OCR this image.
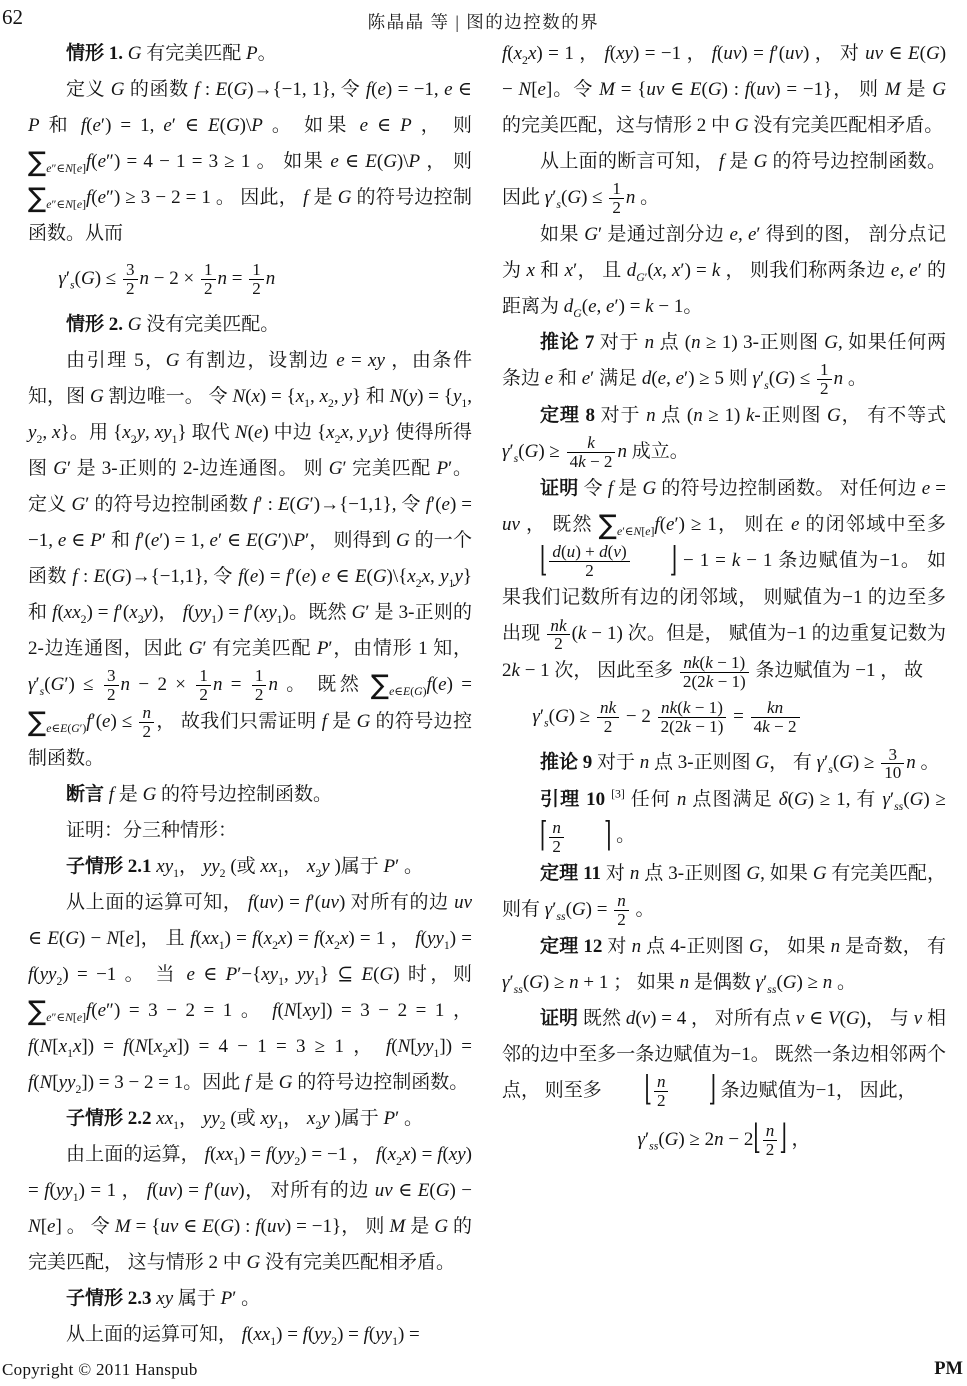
62	陈晶晶 等 | 图的边控数的界

情形 1. G 有完美匹配 P。

定义 G 的函数 f : E(G)→{−1, 1}, 令 f(e) = −1, e ∈ P 和 f(e′) = 1, e′ ∈ E(G)\P 。 如果 e ∈ P ， 则 $\sum_{e''\in N[e]}f(e'') = 4 - 1 = 3 \ge 1$ 。 如果 e ∈ E(G)\P ， 则 $\sum_{e''\in N[e]}f(e'') \ge 3 - 2 = 1$ 。 因此， f 是 G 的符号边控制函数。从而

$\gamma'_s(G) \le \frac{3}{2}$ $n - 2 \times \frac{1}{2}$ $n = \frac{1}{2}$ n

情形 2. G 没有完美匹配。

由引理 5，G 有割边，设割边 e = xy ，由条件知，图 G 割边唯一。 令 $N(x) = \{x_1$, $x_2$, y} 和 $N(y) = \{y_1$, $y_2$, x}。用 {$x_2y$, $xy_1$} 取代 N(e) 中边 {$x_2x$, $y_1y$} 使得所得图 G′ 是 3-正则的 2-边连通图。 则 G′ 完美匹配 P′。定义 G′ 的符号边控制函数 f′ : E(G′)→{−1,1}, 令 f′(e) = −1, e ∈ P′ 和 f′(e′) = 1, e′ ∈ E(G′)\P′， 则得到 G 的一个函数 f : E(G)→{−1,1}, 令 f(e) = f′(e) e ∈ $E(G)\backslash\{x_2x$, $y_1y$} 和 $f(xx_2) = f'(x_2y)$， $f(yy_1) = f'(xy_1)$。既然 G′ 是 3-正则的 2-边连通图，因此 G′ 有完美匹配 P′，由情形 1 知，$\gamma'_s(G') \le \frac{3}{2}$ $n - 2 \times \frac{1}{2}$ $n = \frac{1}{2}$ n 。 既然 $\sum_{e\in E(G)}f(e) = \sum_{e\in E(G')}f'(e) \le \frac{n}{2}$ ， 故我们只需证明 f 是 G 的符号边控制函数。

断言 f 是 G 的符号边控制函数。

证明：分三种情形：

子情形 2.1 $xy_1$， $yy_2$ (或 $xx_1$， $x_2y$ )属于 P′ 。

从上面的运算可知， f(uv) = f′(uv) 对所有的边 uv ∈ E(G) − N[e]， 且 $f(xx_1) = f(x_2x) = f(x_2x) = 1$ ， $f(yy_1) = f(yy_2) = -1$ 。 当 e ∈ $P'-\{xy_1$, $yy_1$} ⊆ E(G) 时，则 $\sum_{e''\in N[e]}f(e'') = 3 - 2 = 1$ 。 f(N[xy]) = 3 − 2 = 1 ， $f(N[x_1x]) = f(N[x_2x]) = 4 - 1 = 3 \ge 1$ ， $f(N[yy_1]) = f(N[yy_2]) = 3 - 2 = 1$。因此 f 是 G 的符号边控制函数。

子情形 2.2 $xx_1$， $yy_2$ (或 $xy_1$， $x_2y$ )属于 P′ 。

由上面的运算， $f(xx_1) = f(yy_2) = -1$ ， $f(x_2x) = f(xy) = f(yy_1) = 1$ ， f(uv) = f′(uv)， 对所有的边 uv ∈ E(G) − N[e] 。 令 M = {uv ∈ E(G) : f(uv) = −1}， 则 M 是 G 的完美匹配， 这与情形 2 中 G 没有完美匹配相矛盾。

子情形 2.3 xy 属于 P′ 。

从上面的运算可知， $f(xx_1) = f(yy_2) = f(yy_1)$ =

$f(x_2x) = 1$ ， f(xy) = −1 ， f(uv) = f′(uv) ， 对 uv ∈ E(G) − N[e]。令 M = {uv ∈ E(G) : f(uv) = −1}， 则 M 是 G 的完美匹配，这与情形 2 中 G 没有完美匹配相矛盾。

从上面的断言可知， f 是 G 的符号边控制函数。因此 $\gamma'_s(G) \le \frac{1}{2}$ n 。

如果 G′ 是通过剖分边 e, e′ 得到的图， 剖分点记为 x 和 x′， 且 $d_{G'}(x$, x′) = k ， 则我们称两条边 e, e′ 的距离为 $d_G(e$, e′) = k − 1。

推论 7 对于 n 点 (n ≥ 1) 3-正则图 G, 如果任何两条边 e 和 e′ 满足 d(e, e′) ≥ 5 则 $\gamma'_s(G) \le \frac{1}{2}$ n 。

定理 8 对于 n 点 (n ≥ 1) k-正则图 G， 有不等式 $\gamma'_s(G) \ge \frac{k}{4k - 2}$ n 成立。

证明 令 f 是 G 的符号边控制函数。 对任何边 e = uv ， 既然 $\sum_{e'\in N[e]}f(e') \ge 1$， 则在 e 的闭邻域中至多 ⌊ $\frac{d(u) + d(v)}{2}$ ⌋ − 1 = k − 1 条边赋值为−1。 如果我们记数所有边的闭邻域， 则赋值为−1 的边至多出现 $\frac{nk}{2} (k - 1)$ 次。但是， 赋值为−1 的边重复记数为 2k − 1 次， 因此至多 $\frac{nk(k - 1)}{2(2k - 1)}$ 条边赋值为 −1 ， 故

$\gamma'_s(G) \ge \frac{nk}{2} - 2 \frac{nk(k - 1)}{2(2k - 1)} = \frac{kn}{4k - 2}$

推论 9 对于 n 点 3-正则图 G， 有 $\gamma'_s(G) \ge \frac{3}{10}$ n 。

引理 10 [3] 任何 n 点图满足 δ(G) ≥ 1, 有 $\gamma'_{ss}(G)$ ≥ ⌈ $\frac{n}{2}$ ⌉ 。

定理 11 对 n 点 3-正则图 G, 如果 G 有完美匹配， 则有 $\gamma'_{ss}(G) = \frac{n}{2}$ 。

定理 12 对 n 点 4-正则图 G， 如果 n 是奇数， 有 $\gamma'_{ss}(G) \ge n + 1$ ； 如果 n 是偶数 $\gamma'_{ss}(G) \ge n$ 。

证明 既然 d(v) = 4 ， 对所有点 v ∈ V(G)， 与 v 相邻的边中至多一条边赋值为−1。 既然一条边相邻两个点， 则至多 ⌊ $\frac{n}{2}$ ⌋ 条边赋值为−1， 因此，

$\gamma'_{ss}(G) \ge 2n$ − 2⌊ $\frac{n}{2}$ ⌋ ，

Copyright © 2011 Hanspub	PM
